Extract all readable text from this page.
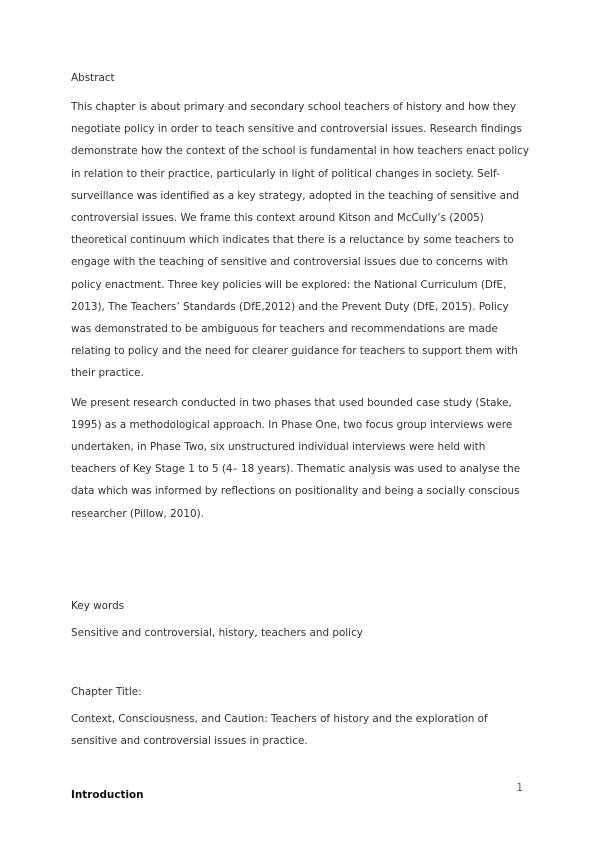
Abstract

This chapter is about primary and secondary school teachers of history and how they negotiate policy in order to teach sensitive and controversial issues. Research findings demonstrate how the context of the school is fundamental in how teachers enact policy in relation to their practice, particularly in light of political changes in society. Self-surveillance was identified as a key strategy, adopted in the teaching of sensitive and controversial issues. We frame this context around Kitson and McCully’s (2005) theoretical continuum which indicates that there is a reluctance by some teachers to engage with the teaching of sensitive and controversial issues due to concerns with policy enactment. Three key policies will be explored: the National Curriculum (DfE, 2013), The Teachers’ Standards (DfE,2012) and the Prevent Duty (DfE, 2015). Policy was demonstrated to be ambiguous for teachers and recommendations are made relating to policy and the need for clearer guidance for teachers to support them with their practice.

We present research conducted in two phases that used bounded case study (Stake, 1995) as a methodological approach. In Phase One, two focus group interviews were undertaken, in Phase Two, six unstructured individual interviews were held with teachers of Key Stage 1 to 5 (4– 18 years). Thematic analysis was used to analyse the data which was informed by reflections on positionality and being a socially conscious researcher (Pillow, 2010).

Key words

Sensitive and controversial, history, teachers and policy

Chapter Title:

Context, Consciousness, and Caution: Teachers of history and the exploration of sensitive and controversial issues in practice.

Introduction
1
